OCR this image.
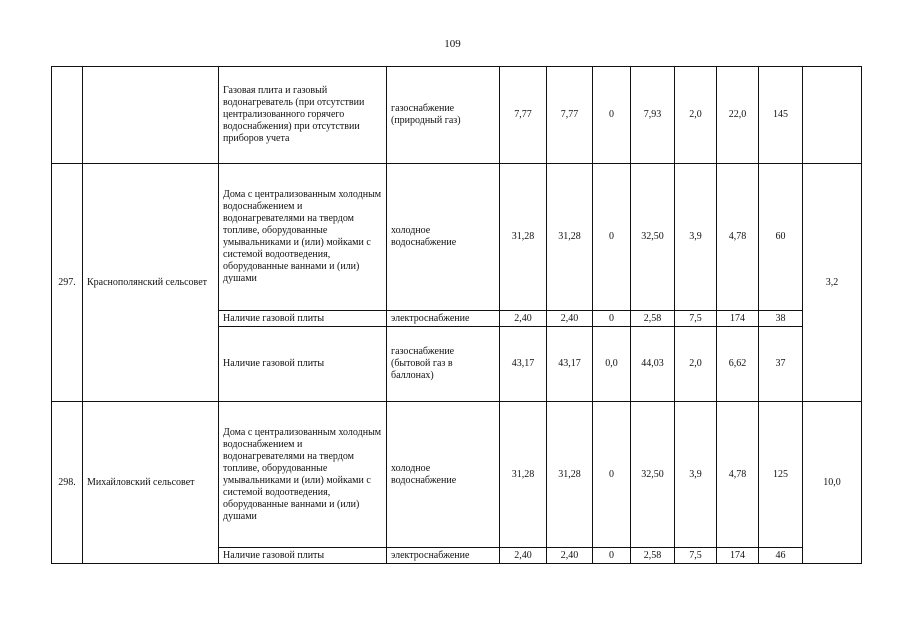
109
		Газовая плита и газовый водонагреватель (при отсутствии централизованного горячего водоснабжения) при отсутствии приборов учета	газоснабжение (природный газ)	7,77	7,77	0	7,93	2,0	22,0	145	
297.	Краснополянский сельсовет	Дома с централизованным холодным водоснабжением и водонагревателями на твердом топливе, оборудованные умывальниками и (или) мойками с системой водоотведения, оборудованные ваннами и (или) душами	холодное водоснабжение	31,28	31,28	0	32,50	3,9	4,78	60	3,2
		Наличие газовой плиты	электроснабжение	2,40	2,40	0	2,58	7,5	174	38	
		Наличие газовой плиты	газоснабжение (бытовой газ в баллонах)	43,17	43,17	0,0	44,03	2,0	6,62	37	
298.	Михайловский сельсовет	Дома с централизованным холодным водоснабжением и водонагревателями на твердом топливе, оборудованные умывальниками и (или) мойками с системой водоотведения, оборудованные ваннами и (или) душами	холодное водоснабжение	31,28	31,28	0	32,50	3,9	4,78	125	10,0
		Наличие газовой плиты	электроснабжение	2,40	2,40	0	2,58	7,5	174	46	
